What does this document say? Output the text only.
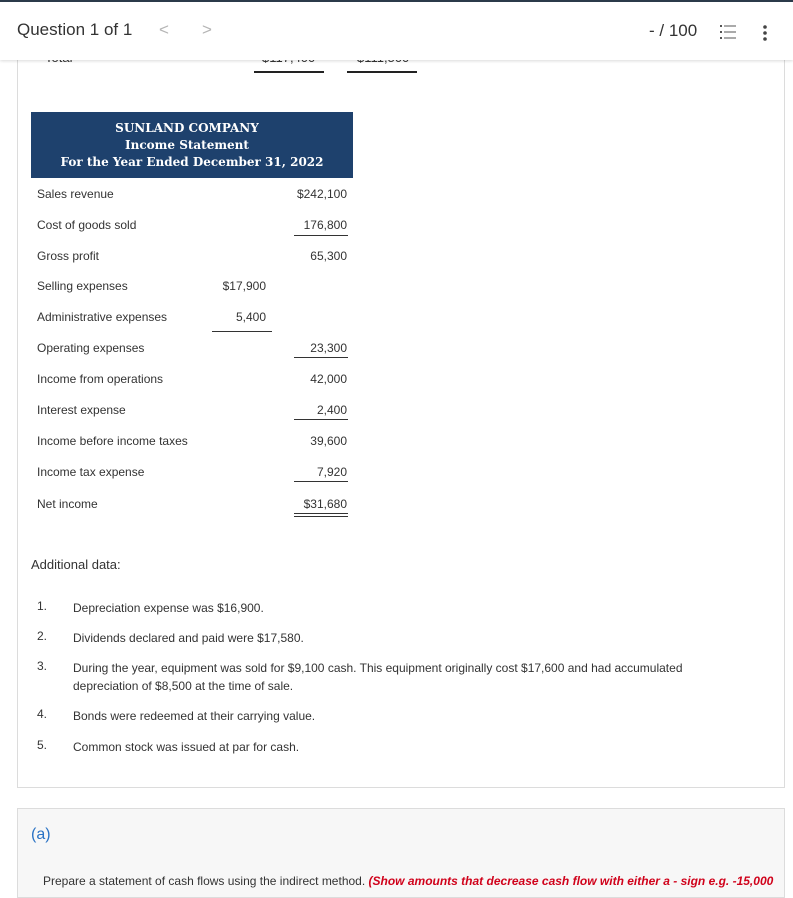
Question 1 of 1 < >	- / 100
SUNLAND COMPANY
Income Statement
For the Year Ended December 31, 2022
Sales revenue	$242,100
Cost of goods sold	176,800
Gross profit	65,300
Selling expenses	$17,900
Administrative expenses	5,400
Operating expenses	23,300
Income from operations	42,000
Interest expense	2,400
Income before income taxes	39,600
Income tax expense	7,920
Net income	$31,680
Additional data:
1. Depreciation expense was $16,900.
2. Dividends declared and paid were $17,580.
3. During the year, equipment was sold for $9,100 cash. This equipment originally cost $17,600 and had accumulated depreciation of $8,500 at the time of sale.
4. Bonds were redeemed at their carrying value.
5. Common stock was issued at par for cash.
(a)
Prepare a statement of cash flows using the indirect method. (Show amounts that decrease cash flow with either a - sign e.g. -15,000
